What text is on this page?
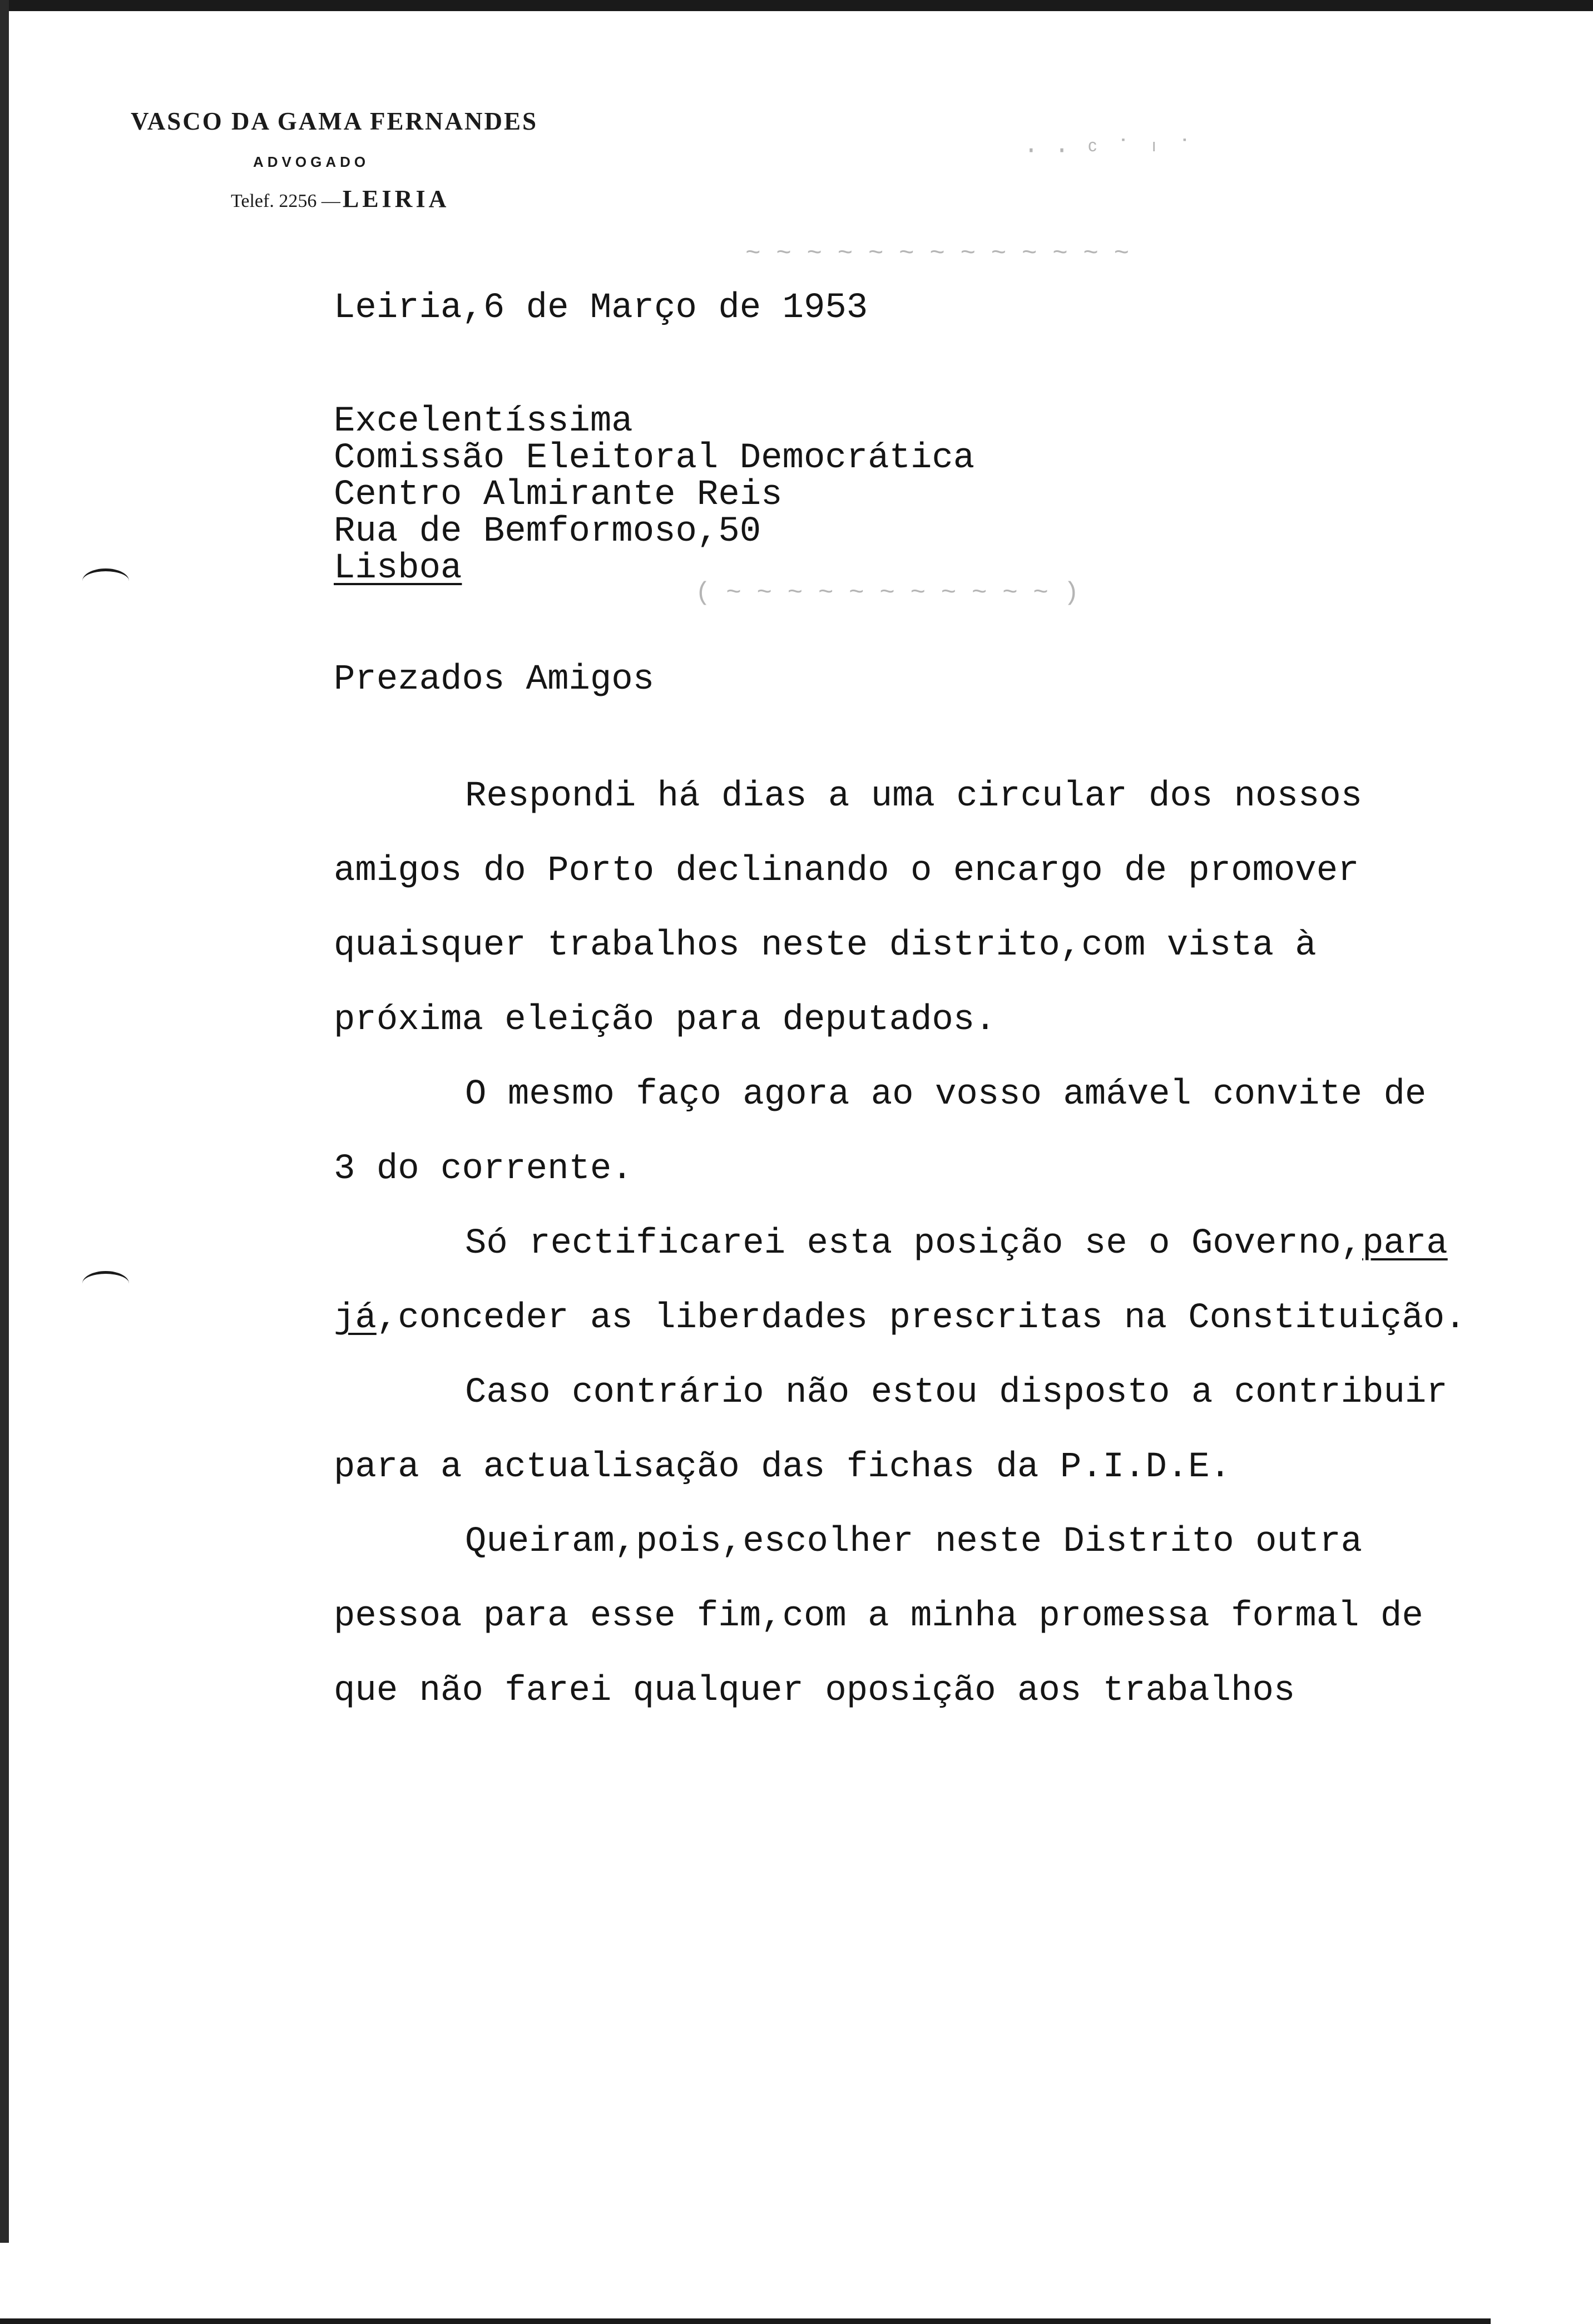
· · ᶜ ˙ ᶦ ˙
~ ~ ~ ~ ~ ~ ~ ~ ~ ~ ~ ~ ~
( ~ ~ ~ ~ ~ ~ ~ ~ ~ ~ ~ )
VASCO DA GAMA FERNANDES
ADVOGADO
Telef. 2256 — LEIRIA
Leiria,6 de Março de 1953
Excelentíssima
Comissão Eleitoral Democrática
Centro Almirante Reis
Rua de Bemformoso,50
Lisboa
Prezados Amigos

Respondi há dias a uma circular dos nossos amigos do Porto declinando o encargo de promover quaisquer trabalhos neste distrito,com vista à próxima eleição para deputados.

O mesmo faço agora ao vosso amável convite de 3 do corrente.

Só rectificarei esta posição se o Governo,para já,conceder as liberdades prescritas na Constituição.

Caso contrário não estou disposto a contribuir para a actualisação das fichas da P.I.D.E.

Queiram,pois,escolher neste Distrito outra pessoa para esse fim,com a minha promessa formal de que não farei qualquer oposição aos trabalhos
